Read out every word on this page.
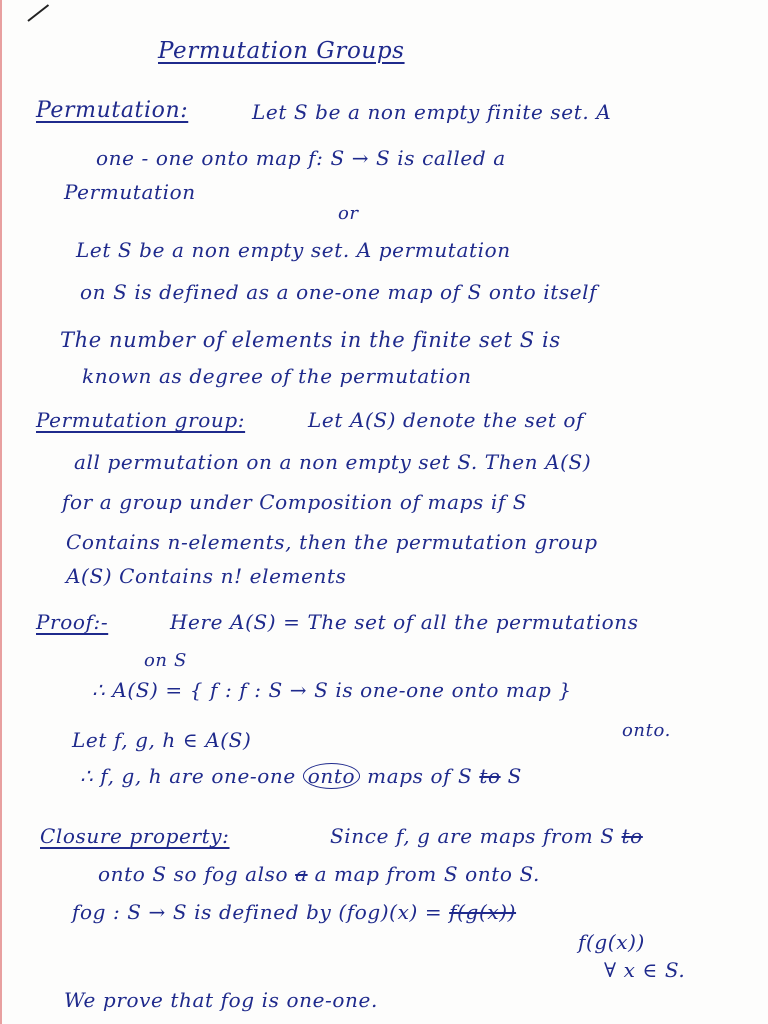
Permutation Groups
Permutation:	Let S be a non empty finite set. A
one - one onto map f: S → S is called a
Permutation
or
Let S be a non empty set. A permutation
on S is defined as a one-one map of S onto itself
The number of elements in the finite set S is
known as degree of the permutation
Permutation group:	Let A(S) denote the set of
all permutation on a non empty set S. Then A(S)
for a group under Composition of maps if S
Contains n-elements, then the permutation group
A(S) Contains n! elements
Proof:-	Here A(S) = The set of all the permutations
on S
∴ A(S) = { f : f : S → S is one-one onto map }
Let f, g, h ∈ A(S)	onto.
∴ f, g, h are one-one onto maps of S to S
Closure property:	Since f, g are maps from S to
onto S so fog also a a map from S onto S.
fog : S → S is defined by (fog)(x) = f(g(x))
f(g(x))
∀ x ∈ S.
We prove that fog is one-one.
